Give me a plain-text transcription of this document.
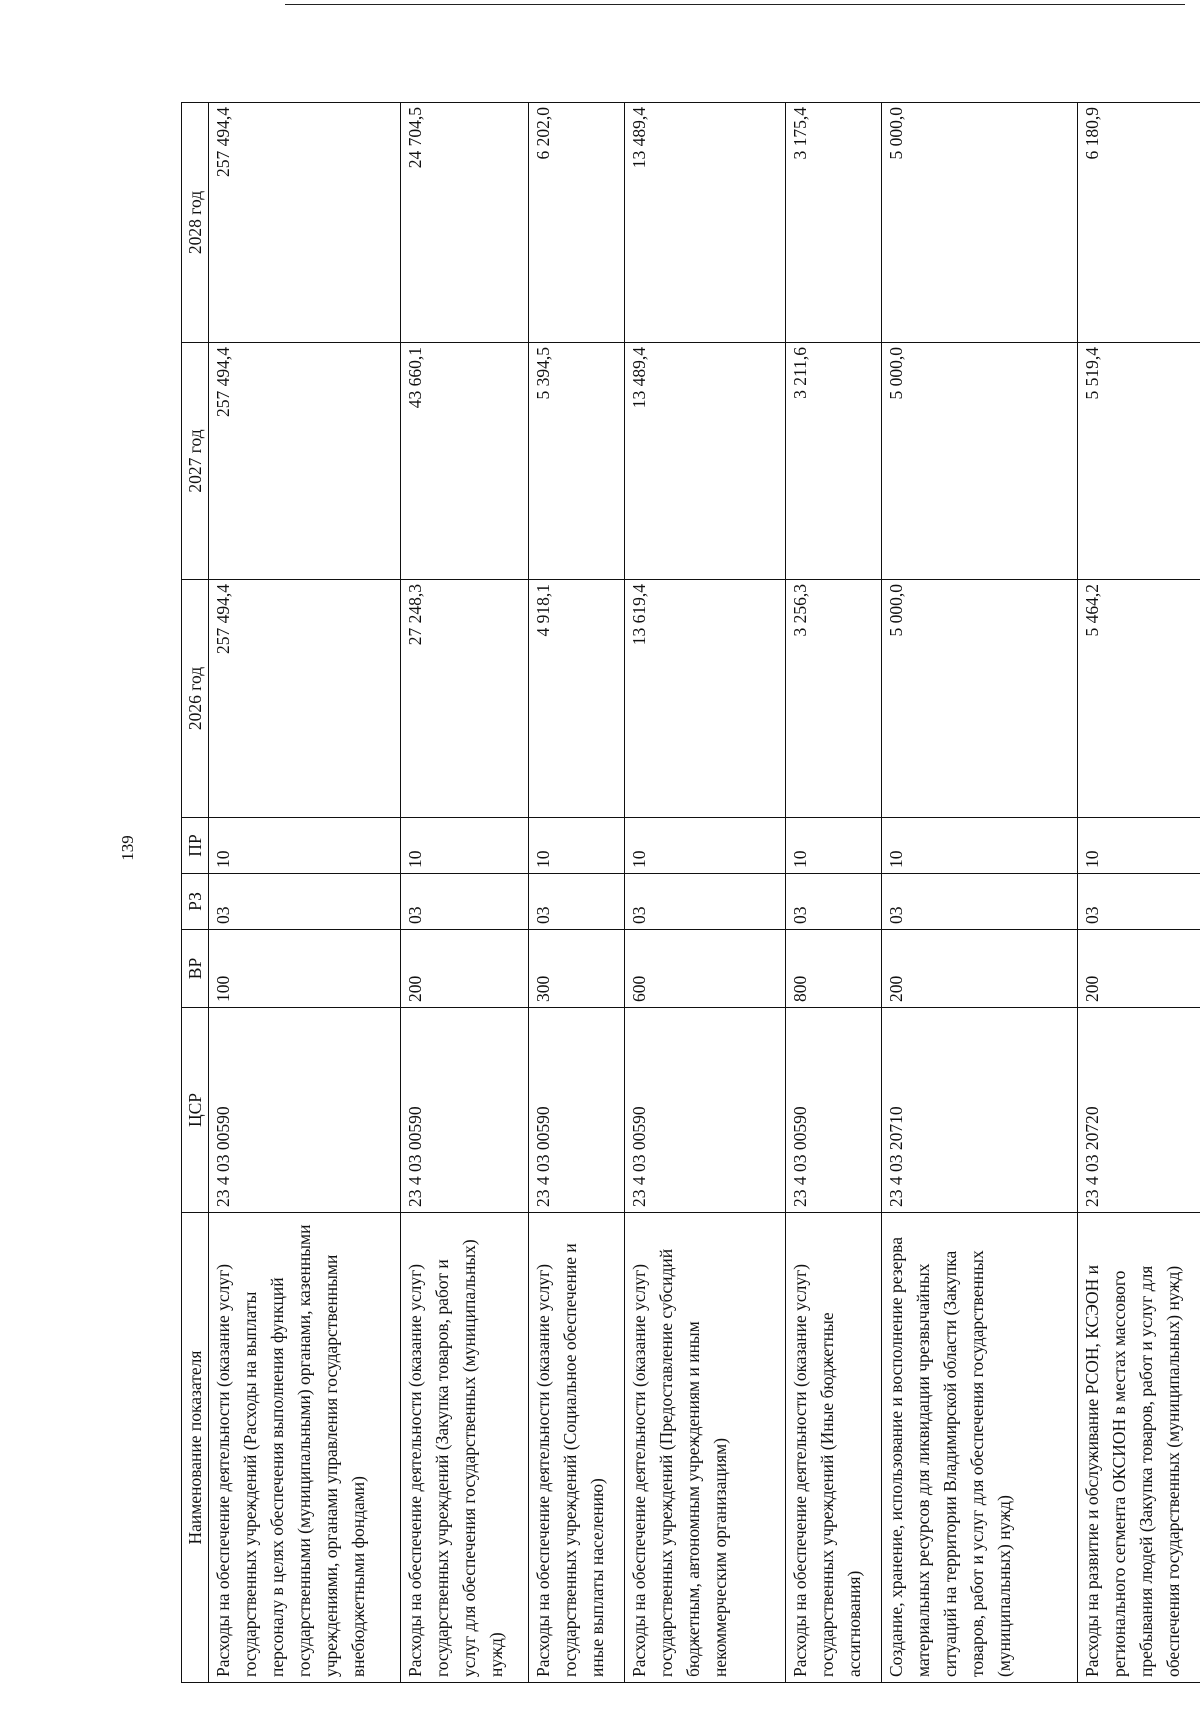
139
Наименование показателя	ЦСР	ВР	РЗ	ПР	2026 год	2027 год	2028 год
Расходы на обеспечение деятельности (оказание услуг) государственных учреждений (Расходы на выплаты персоналу в целях обеспечения выполнения функций государственными (муниципальными) органами, казенными учреждениями, органами управления государственными внебюджетными фондами)	23 4 03 00590	100	03	10	257 494,4	257 494,4	257 494,4
Расходы на обеспечение деятельности (оказание услуг) государственных учреждений (Закупка товаров, работ и услуг для обеспечения государственных (муниципальных) нужд)	23 4 03 00590	200	03	10	27 248,3	43 660,1	24 704,5
Расходы на обеспечение деятельности (оказание услуг) государственных учреждений (Социальное обеспечение и иные выплаты населению)	23 4 03 00590	300	03	10	4 918,1	5 394,5	6 202,0
Расходы на обеспечение деятельности (оказание услуг) государственных учреждений (Предоставление субсидий бюджетным, автономным учреждениям и иным некоммерческим организациям)	23 4 03 00590	600	03	10	13 619,4	13 489,4	13 489,4
Расходы на обеспечение деятельности (оказание услуг) государственных учреждений (Иные бюджетные ассигнования)	23 4 03 00590	800	03	10	3 256,3	3 211,6	3 175,4
Создание, хранение, использование и восполнение резерва материальных ресурсов для ликвидации чрезвычайных ситуаций на территории Владимирской области (Закупка товаров, работ и услуг для обеспечения государственных (муниципальных) нужд)	23 4 03 20710	200	03	10	5 000,0	5 000,0	5 000,0
Расходы на развитие и обслуживание РСОН, КСЭОН и регионального сегмента ОКСИОН в местах массового пребывания людей (Закупка товаров, работ и услуг для обеспечения государственных (муниципальных) нужд)	23 4 03 20720	200	03	10	5 464,2	5 519,4	6 180,9
